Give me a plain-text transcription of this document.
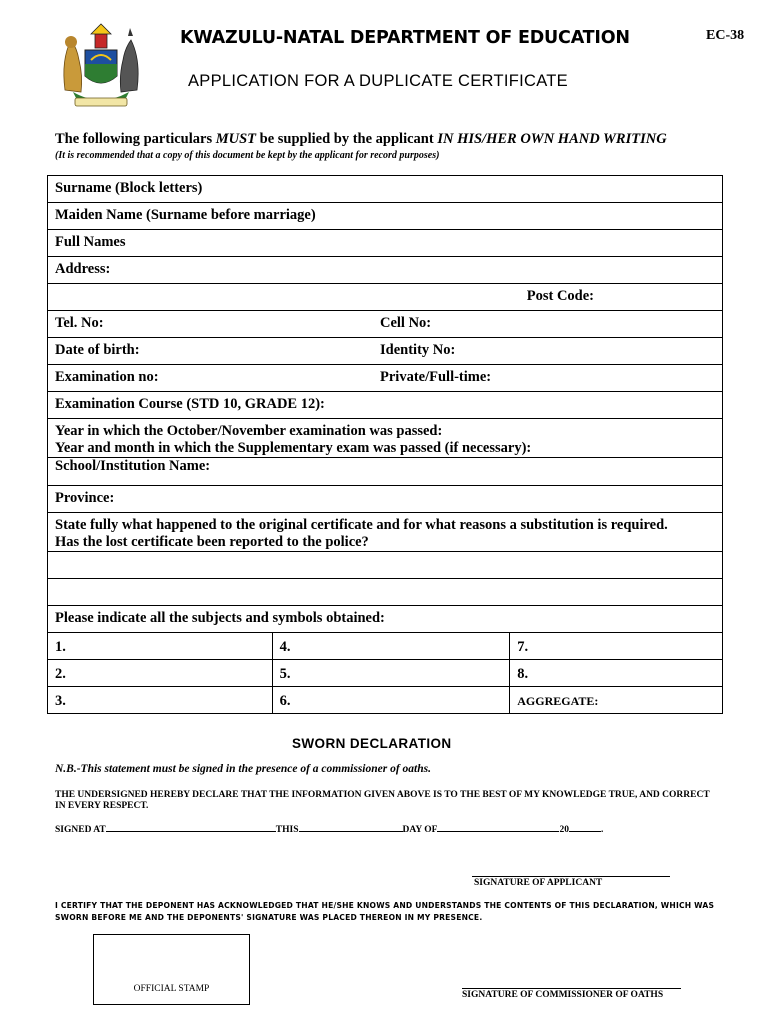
KWAZULU-NATAL DEPARTMENT OF EDUCATION	EC-38
APPLICATION FOR A DUPLICATE CERTIFICATE
The following particulars MUST be supplied by the applicant IN HIS/HER OWN HAND WRITING
(It is recommended that a copy of this document be kept by the applicant for record purposes)
Surname (Block letters)			
Maiden Name (Surname before marriage)			
Full Names			
Address:			
Post Code:			
Tel. No:		Cell No:	
Date of birth:		Identity No:	
Examination no:		Private/Full-time:	
Examination Course (STD 10, GRADE 12):			
Year in which the October/November examination was passed:
Year and month in which the Supplementary exam was passed (if necessary):			
School/Institution Name:			
Province:			
State fully what happened to the original certificate and for what reasons a substitution is required.
Has the lost certificate been reported to the police?			

Please indicate all the subjects and symbols obtained:			
1.	4.		7.
2.	5.		8.
3.	6.		AGGREGATE:
SWORN DECLARATION
N.B.-This statement must be signed in the presence of a commissioner of oaths.
THE UNDERSIGNED HEREBY DECLARE THAT THE INFORMATION GIVEN ABOVE IS TO THE BEST OF MY KNOWLEDGE TRUE, AND CORRECT IN EVERY RESPECT.
SIGNED AT	THIS	DAY OF	20	.
SIGNATURE OF APPLICANT
I CERTIFY THAT THE DEPONENT HAS ACKNOWLEDGED THAT HE/SHE KNOWS AND UNDERSTANDS THE CONTENTS OF THIS DECLARATION, WHICH WAS SWORN BEFORE ME AND THE DEPONENTS' SIGNATURE WAS PLACED THEREON IN MY PRESENCE.
OFFICIAL STAMP
SIGNATURE OF COMMISSIONER OF OATHS
